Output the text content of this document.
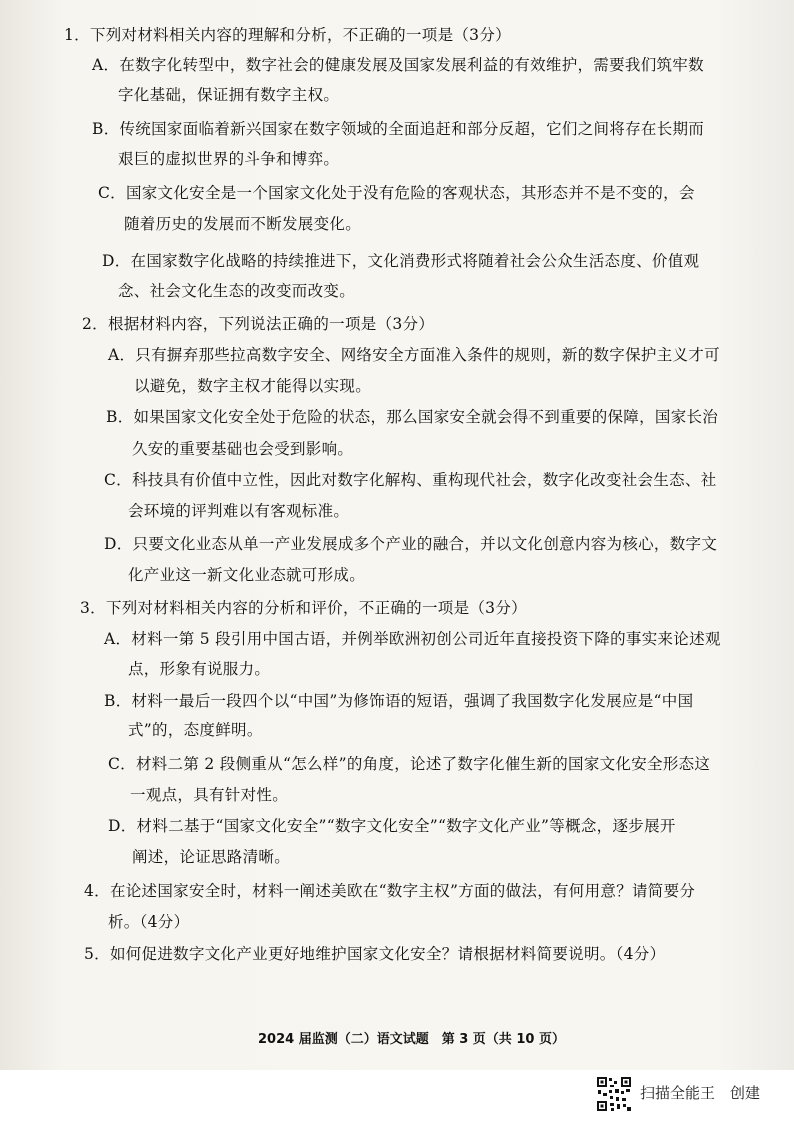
1．下列对材料相关内容的理解和分析，不正确的一项是（3分）
A．在数字化转型中，数字社会的健康发展及国家发展利益的有效维护，需要我们筑牢数
字化基础，保证拥有数字主权。
B．传统国家面临着新兴国家在数字领域的全面追赶和部分反超，它们之间将存在长期而
艰巨的虚拟世界的斗争和博弈。
C．国家文化安全是一个国家文化处于没有危险的客观状态，其形态并不是不变的，会
随着历史的发展而不断发展变化。
D．在国家数字化战略的持续推进下，文化消费形式将随着社会公众生活态度、价值观
念、社会文化生态的改变而改变。
2．根据材料内容，下列说法正确的一项是（3分）
A．只有摒弃那些拉高数字安全、网络安全方面准入条件的规则，新的数字保护主义才可
以避免，数字主权才能得以实现。
B．如果国家文化安全处于危险的状态，那么国家安全就会得不到重要的保障，国家长治
久安的重要基础也会受到影响。
C．科技具有价值中立性，因此对数字化解构、重构现代社会，数字化改变社会生态、社
会环境的评判难以有客观标准。
D．只要文化业态从单一产业发展成多个产业的融合，并以文化创意内容为核心，数字文
化产业这一新文化业态就可形成。
3．下列对材料相关内容的分析和评价，不正确的一项是（3分）
A．材料一第 5 段引用中国古语，并例举欧洲初创公司近年直接投资下降的事实来论述观
点，形象有说服力。
B．材料一最后一段四个以“中国”为修饰语的短语，强调了我国数字化发展应是“中国
式”的，态度鲜明。
C．材料二第 2 段侧重从“怎么样”的角度，论述了数字化催生新的国家文化安全形态这
一观点，具有针对性。
D．材料二基于“国家文化安全”“数字文化安全”“数字文化产业”等概念，逐步展开
阐述，论证思路清晰。
4．在论述国家安全时，材料一阐述美欧在“数字主权”方面的做法，有何用意？请简要分
析。（4分）
5．如何促进数字文化产业更好地维护国家文化安全？请根据材料简要说明。（4分）
2024 届监测（二）语文试题　第 3 页（共 10 页）
扫描全能王　创建
